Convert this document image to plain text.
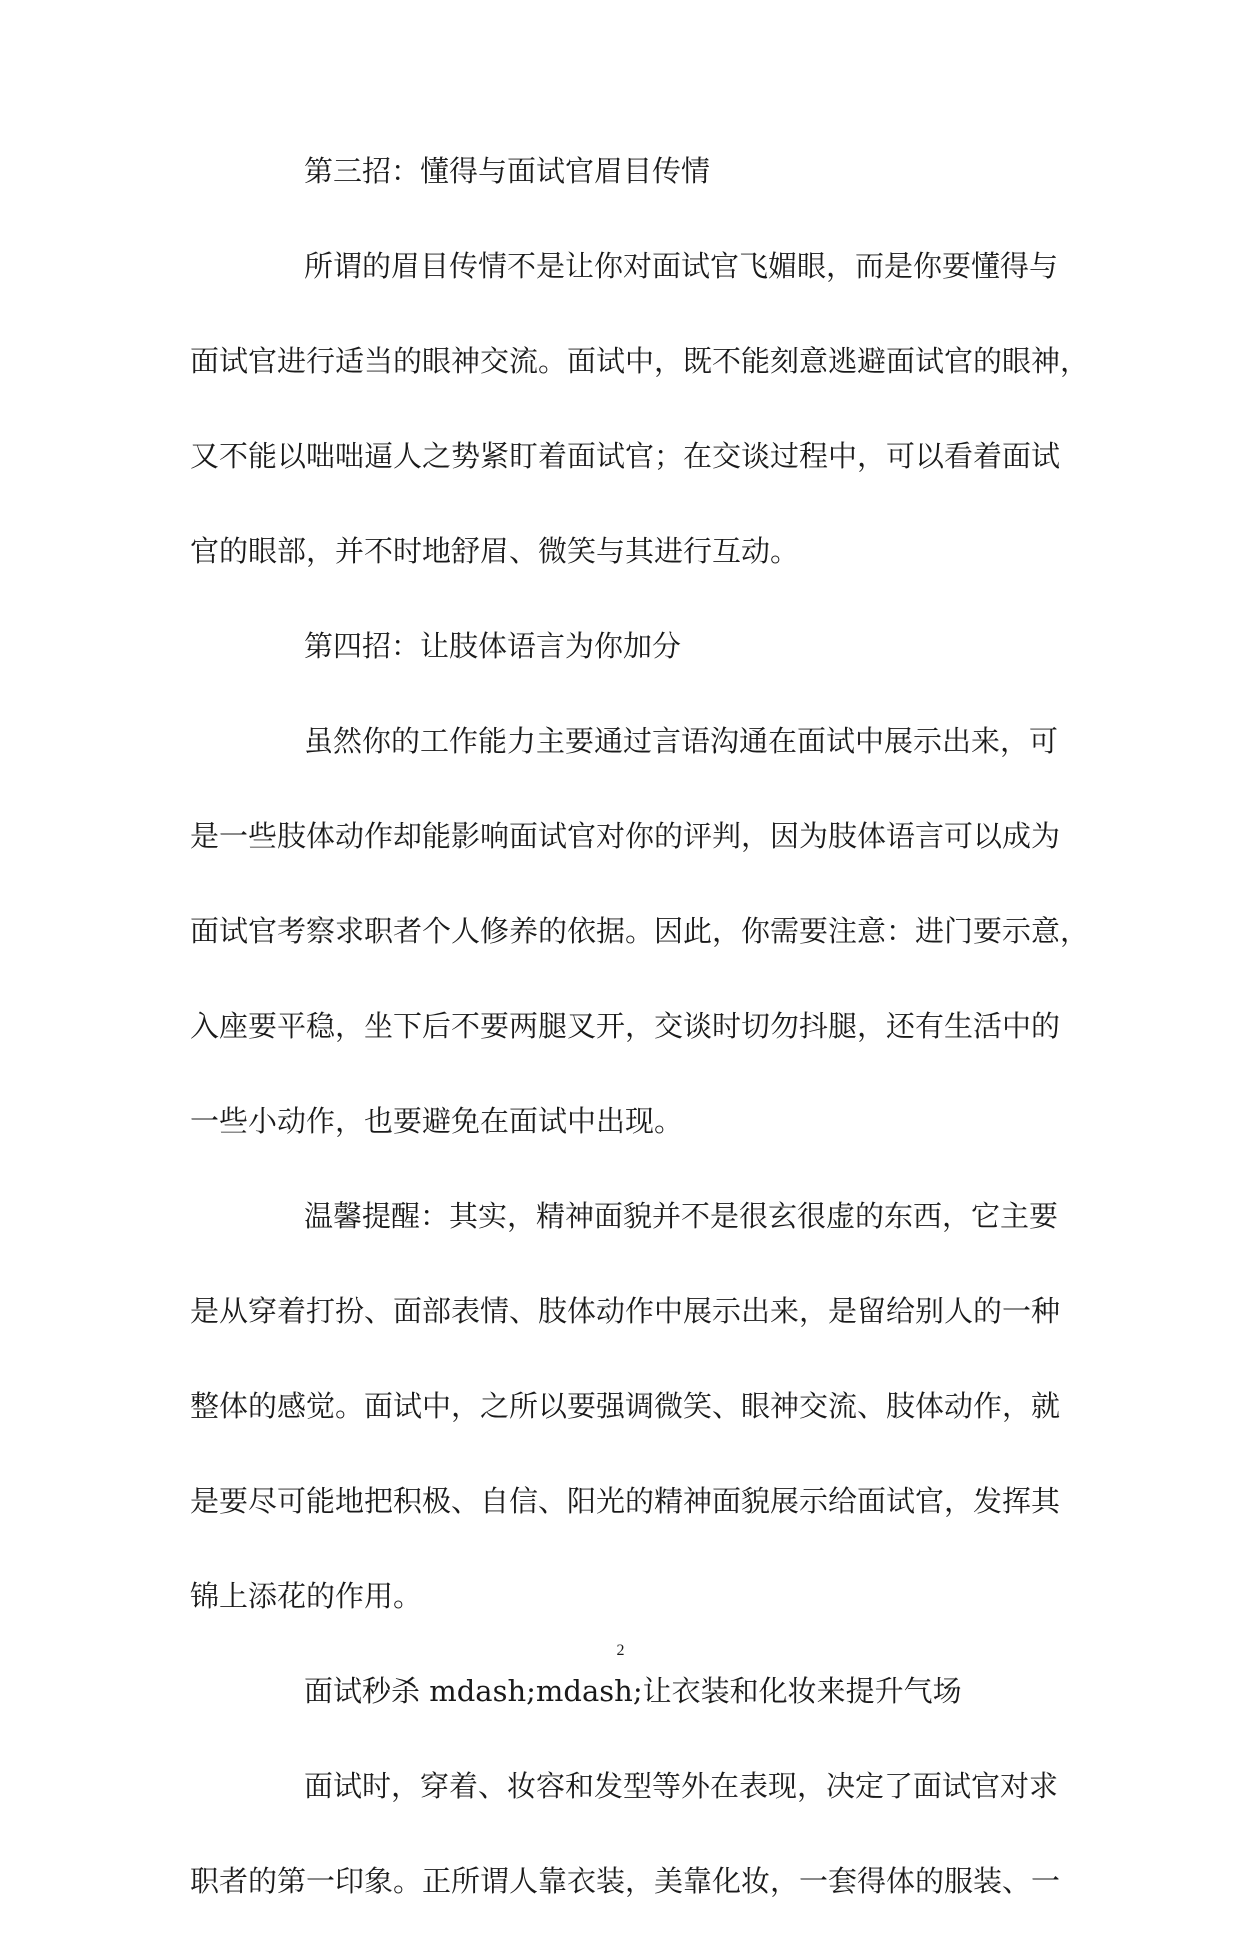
第三招：懂得与面试官眉目传情
所谓的眉目传情不是让你对面试官飞媚眼，而是你要懂得与
面试官进行适当的眼神交流。面试中，既不能刻意逃避面试官的眼神，
又不能以咄咄逼人之势紧盯着面试官；在交谈过程中，可以看着面试
官的眼部，并不时地舒眉、微笑与其进行互动。
第四招：让肢体语言为你加分
虽然你的工作能力主要通过言语沟通在面试中展示出来，可
是一些肢体动作却能影响面试官对你的评判，因为肢体语言可以成为
面试官考察求职者个人修养的依据。因此，你需要注意：进门要示意，
入座要平稳，坐下后不要两腿叉开，交谈时切勿抖腿，还有生活中的
一些小动作，也要避免在面试中出现。
温馨提醒：其实，精神面貌并不是很玄很虚的东西，它主要
是从穿着打扮、面部表情、肢体动作中展示出来，是留给别人的一种
整体的感觉。面试中，之所以要强调微笑、眼神交流、肢体动作，就
是要尽可能地把积极、自信、阳光的精神面貌展示给面试官，发挥其
锦上添花的作用。
面试秒杀 mdash;mdash;让衣装和化妆来提升气场
面试时，穿着、妆容和发型等外在表现，决定了面试官对求
职者的第一印象。正所谓人靠衣装，美靠化妆，一套得体的服装、一
2
